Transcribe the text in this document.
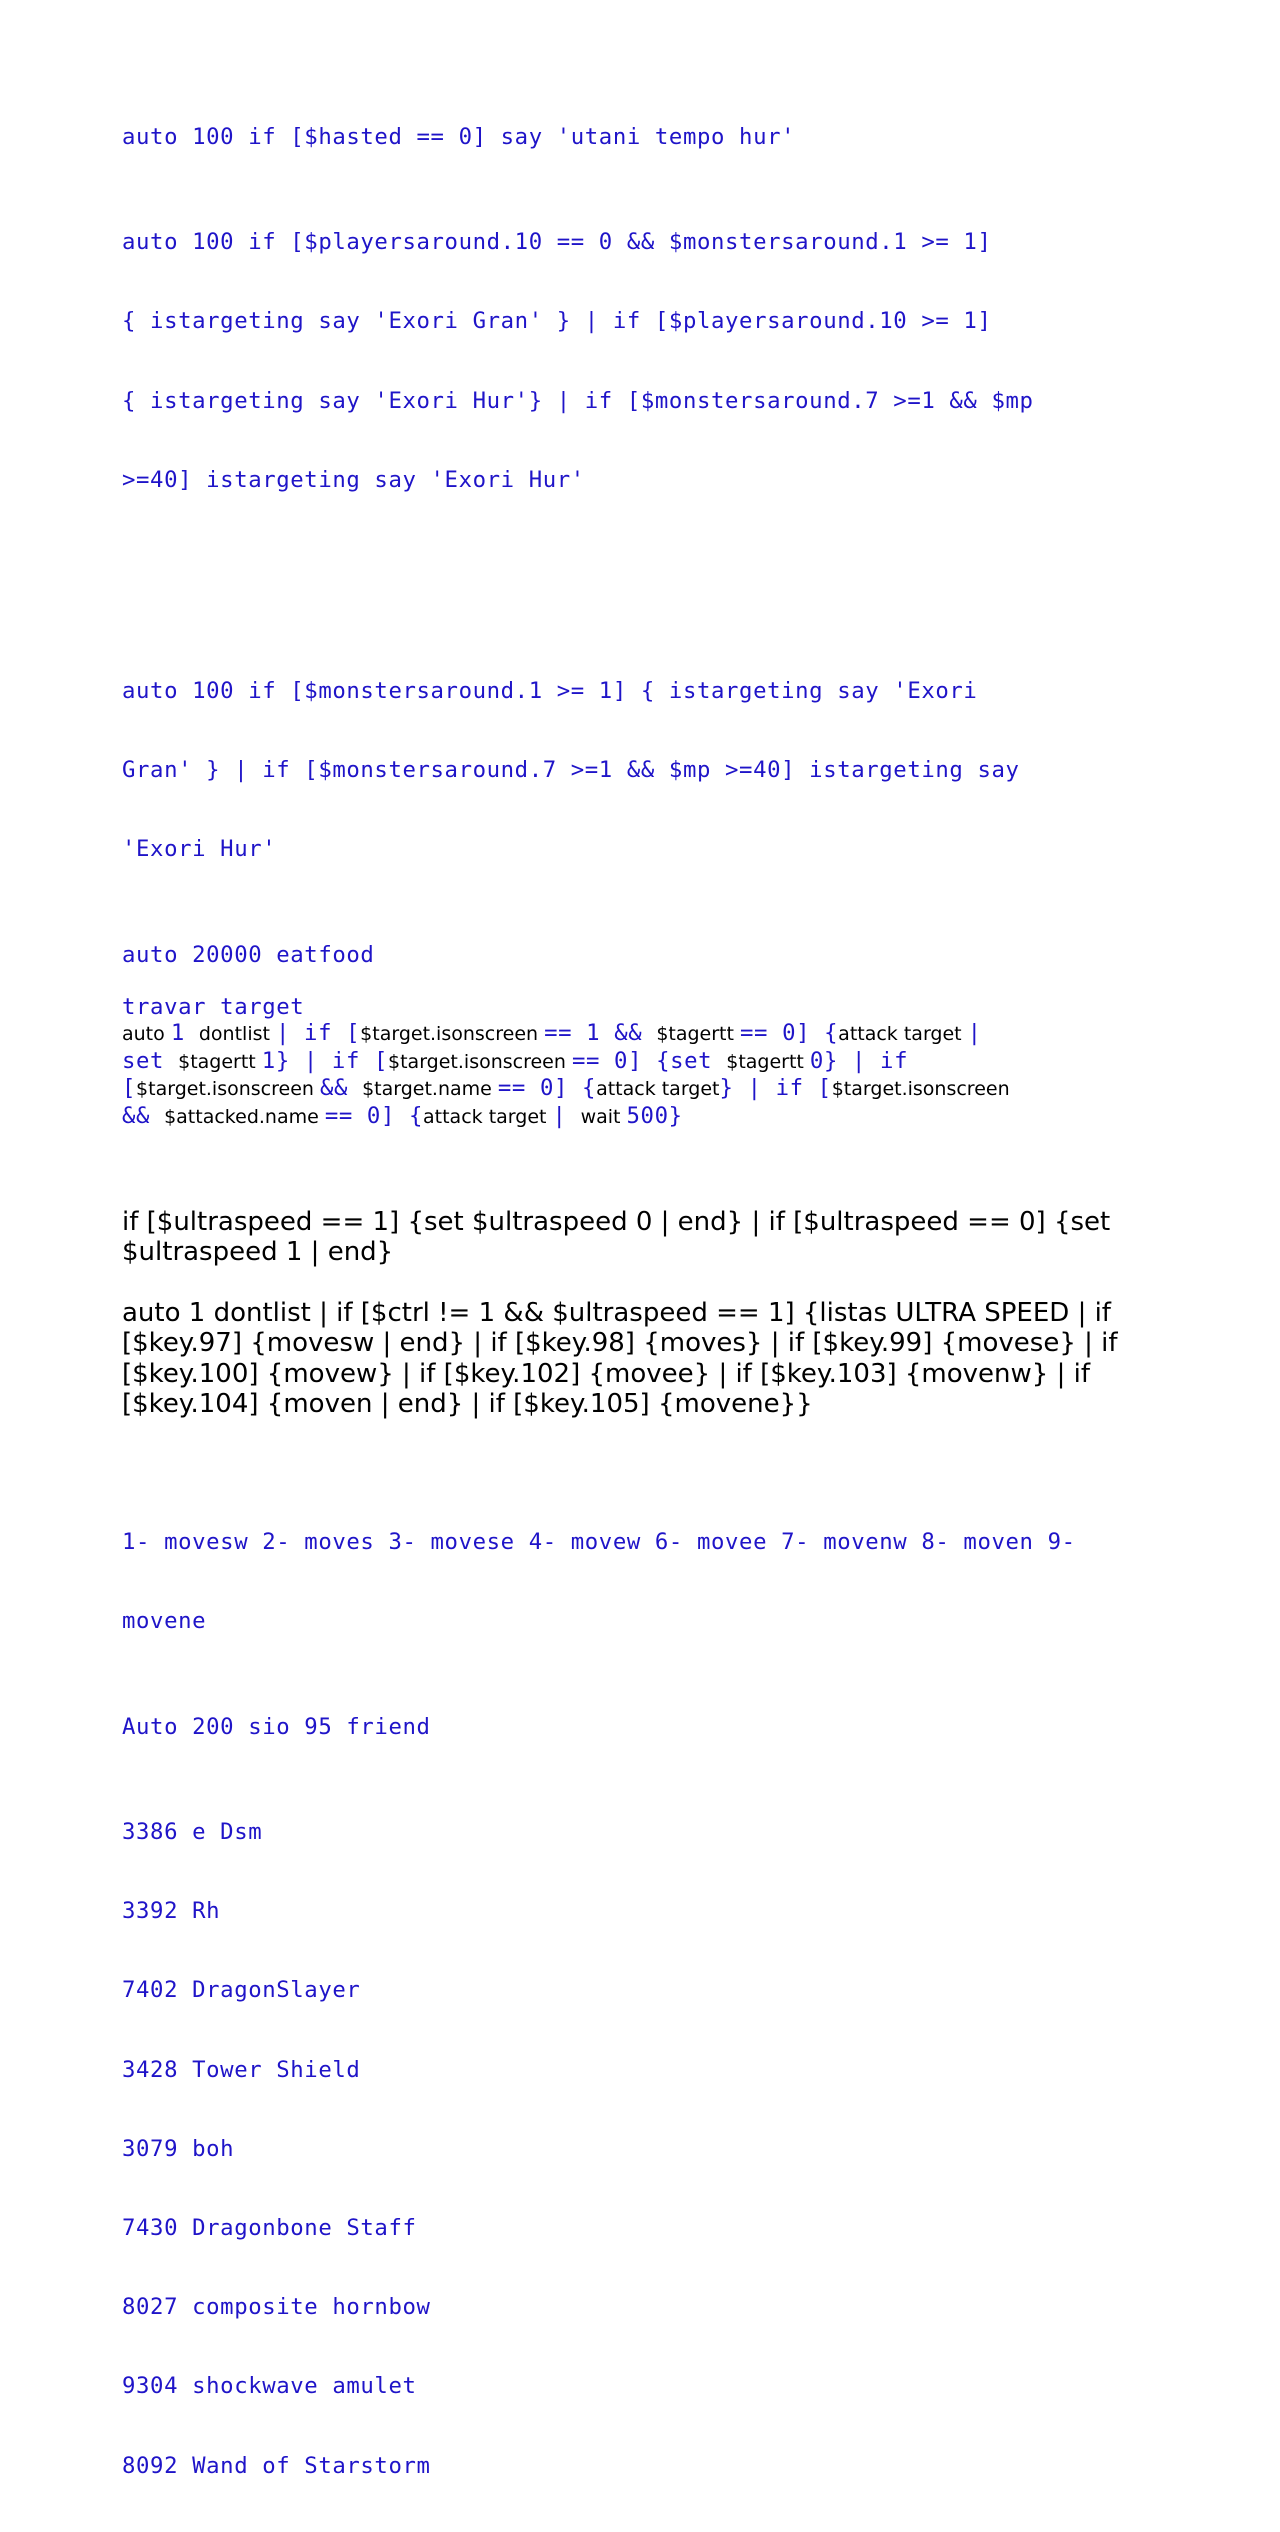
auto 100 if [$hasted == 0] say 'utani tempo hur'

auto 100 if [$playersaround.10 == 0 && $monstersaround.1 >= 1]

{ istargeting say 'Exori Gran' } | if [$playersaround.10 >= 1]

{ istargeting say 'Exori Hur'} | if [$monstersaround.7 >=1 && $mp

>=40] istargeting say 'Exori Hur'

auto 100 if [$monstersaround.1 >= 1] { istargeting say 'Exori

Gran' } | if [$monstersaround.7 >=1 && $mp >=40] istargeting say

'Exori Hur'

auto 20000 eatfood

travar target

auto 1 dontlist | if [$target.isonscreen == 1 && $tagertt == 0] {attack target |
set $tagertt 1} | if [$target.isonscreen == 0] {set $tagertt 0} | if
[$target.isonscreen && $target.name == 0] {attack target} | if [$target.isonscreen
&& $attacked.name == 0] {attack target | wait 500}

if [$ultraspeed == 1] {set $ultraspeed 0 | end} | if [$ultraspeed == 0] {set $ultraspeed 1 | end}

auto 1 dontlist | if [$ctrl != 1 && $ultraspeed == 1] {listas ULTRA SPEED | if [$key.97] {movesw | end} | if [$key.98] {moves} | if [$key.99] {movese} | if [$key.100] {movew} | if [$key.102] {movee} | if [$key.103] {movenw} | if [$key.104] {moven | end} | if [$key.105] {movene}}

1- movesw 2- moves 3- movese 4- movew 6- movee 7- movenw 8- moven 9-

movene

Auto 200 sio 95 friend

3386 e Dsm

3392 Rh

7402 DragonSlayer

3428 Tower Shield

3079 boh

7430 Dragonbone Staff

8027 composite hornbow

9304 shockwave amulet

8092 Wand of Starstorm
